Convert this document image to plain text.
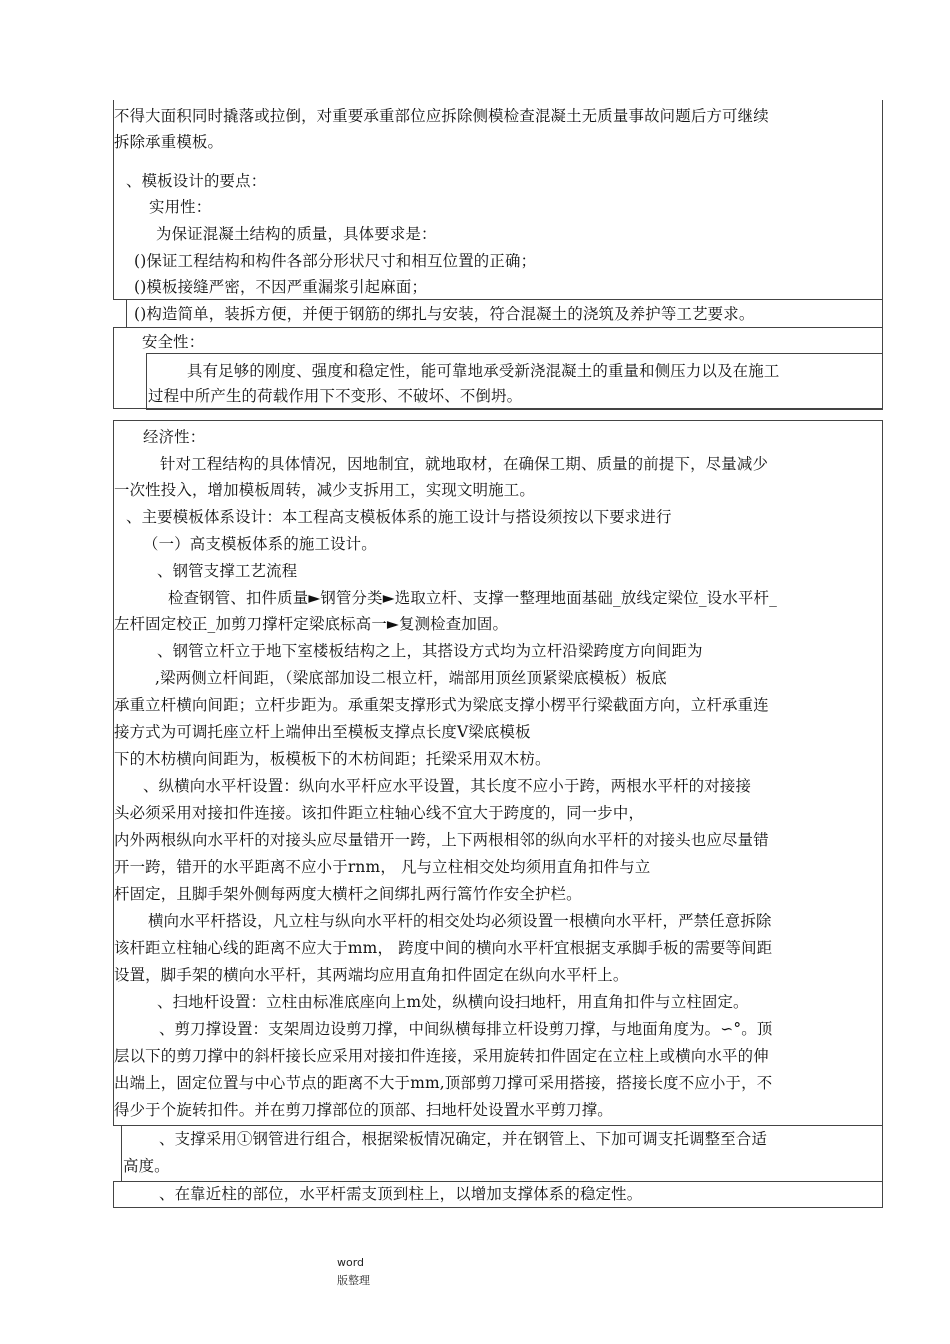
不得大面积同时撬落或拉倒，对重要承重部位应拆除侧模检查混凝土无质量事故问题后方可继续
拆除承重模板。
、模板设计的要点：
实用性：
为保证混凝土结构的质量，具体要求是：
()保证工程结构和构件各部分形状尺寸和相互位置的正确；
()模板接缝严密，不因严重漏浆引起麻面；
()构造简单，装拆方便，并便于钢筋的绑扎与安装，符合混凝土的浇筑及养护等工艺要求。
安全性：
具有足够的刚度、强度和稳定性，能可靠地承受新浇混凝土的重量和侧压力以及在施工
过程中所产生的荷载作用下不变形、不破坏、不倒坍。
经济性：
针对工程结构的具体情况，因地制宜，就地取材，在确保工期、质量的前提下，尽量减少
一次性投入，增加模板周转，减少支拆用工，实现文明施工。
、主要模板体系设计：本工程高支模板体系的施工设计与搭设须按以下要求进行
（一）高支模板体系的施工设计。
、钢管支撑工艺流程
检查钢管、扣件质量►钢管分类►选取立杆、支撑一整理地面基础_放线定梁位_设水平杆_
左杆固定校正_加剪刀撑杆定梁底标高一►复测检查加固。
、钢管立杆立于地下室楼板结构之上，其搭设方式均为立杆沿梁跨度方向间距为
,梁两侧立杆间距，（梁底部加设二根立杆，端部用顶丝顶紧梁底模板）板底
承重立杆横向间距；立杆步距为。承重架支撑形式为梁底支撑小楞平行梁截面方向，立杆承重连
接方式为可调托座立杆上端伸出至模板支撑点长度V梁底模板
下的木枋横向间距为，板模板下的木枋间距；托梁采用双木枋。
、纵横向水平杆设置：纵向水平杆应水平设置，其长度不应小于跨，两根水平杆的对接接
头必须采用对接扣件连接。该扣件距立柱轴心线不宜大于跨度的，同一步中，
内外两根纵向水平杆的对接头应尽量错开一跨，上下两根相邻的纵向水平杆的对接头也应尽量错
开一跨，错开的水平距离不应小于rnm， 凡与立柱相交处均须用直角扣件与立
杆固定，且脚手架外侧每两度大横杆之间绑扎两行篙竹作安全护栏。
横向水平杆搭设，凡立柱与纵向水平杆的相交处均必须设置一根横向水平杆，严禁任意拆除
该杆距立柱轴心线的距离不应大于mm， 跨度中间的横向水平杆宜根据支承脚手板的需要等间距
设置，脚手架的横向水平杆，其两端均应用直角扣件固定在纵向水平杆上。
、扫地杆设置：立柱由标准底座向上m处，纵横向设扫地杆，用直角扣件与立柱固定。
、剪刀撑设置：支架周边设剪刀撑，中间纵横每排立杆设剪刀撑，与地面角度为。∽°。顶
层以下的剪刀撑中的斜杆接长应采用对接扣件连接，采用旋转扣件固定在立柱上或横向水平的伸
出端上，固定位置与中心节点的距离不大于mm,顶部剪刀撑可采用搭接，搭接长度不应小于，不
得少于个旋转扣件。并在剪刀撑部位的顶部、扫地杆处设置水平剪刀撑。
、支撑采用①钢管进行组合，根据梁板情况确定，并在钢管上、下加可调支托调整至合适
高度。
、在靠近柱的部位，水平杆需支顶到柱上，以增加支撑体系的稳定性。
word
版整理
